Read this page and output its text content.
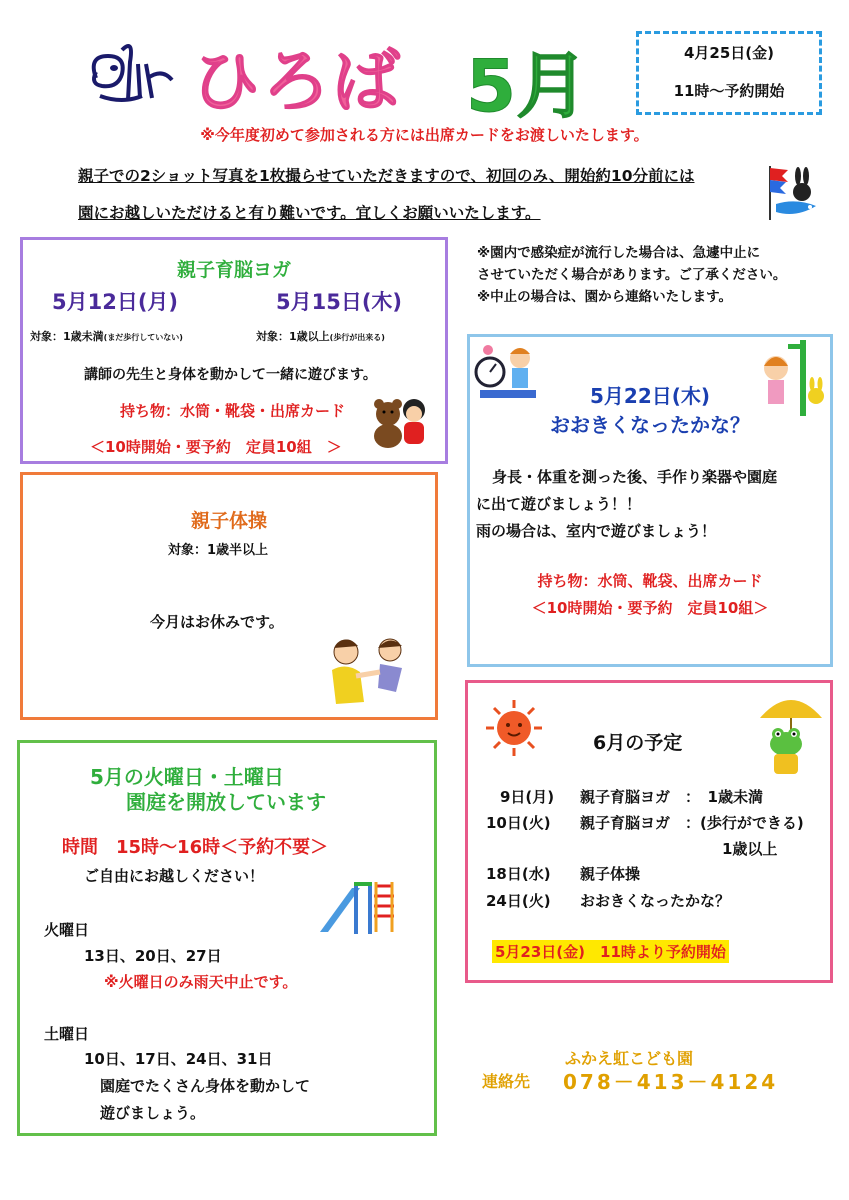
ひろば 5月	4月25日(金)
11時～予約開始
※今年度初めて参加される方には出席カードをお渡しいたします。
親子での2ショット写真を1枚撮らせていただきますので、初回のみ、開始約10分前には
園にお越しいただけると有り難いです。宜しくお願いいたします。
※園内で感染症が流行した場合は、急遽中止に
させていただく場合があります。ご了承ください。
※中止の場合は、園から連絡いたします。
親子育脳ヨガ
5月12日(月)	5月15日(木)
対象：1歳未満(まだ歩行していない)	対象：1歳以上(歩行が出来る)
講師の先生と身体を動かして一緒に遊びます。
持ち物：水筒・靴袋・出席カード
＜10時開始・要予約　定員10組　＞
親子体操
対象：1歳半以上
今月はお休みです。
5月22日(木)
おおきくなったかな？
身長・体重を測った後、手作り楽器や園庭
に出て遊びましょう！！
雨の場合は、室内で遊びましょう！
持ち物：水筒、靴袋、出席カード
＜10時開始・要予約　定員10組＞
5月の火曜日・土曜日
園庭を開放しています
時間　15時～16時＜予約不要＞
ご自由にお越しください！
火曜日
13日、20日、27日
※火曜日のみ雨天中止です。
土曜日
10日、17日、24日、31日
園庭でたくさん身体を動かして
遊びましょう。
6月の予定
9日(月) 親子育脳ヨガ　：　1歳未満
10日(火) 親子育脳ヨガ　：(歩行ができる)
1歳以上
18日(水) 親子体操
24日(火) おおきくなったかな？
5月23日(金)　11時より予約開始
ふかえ虹こども園
連絡先 078－413－4124
